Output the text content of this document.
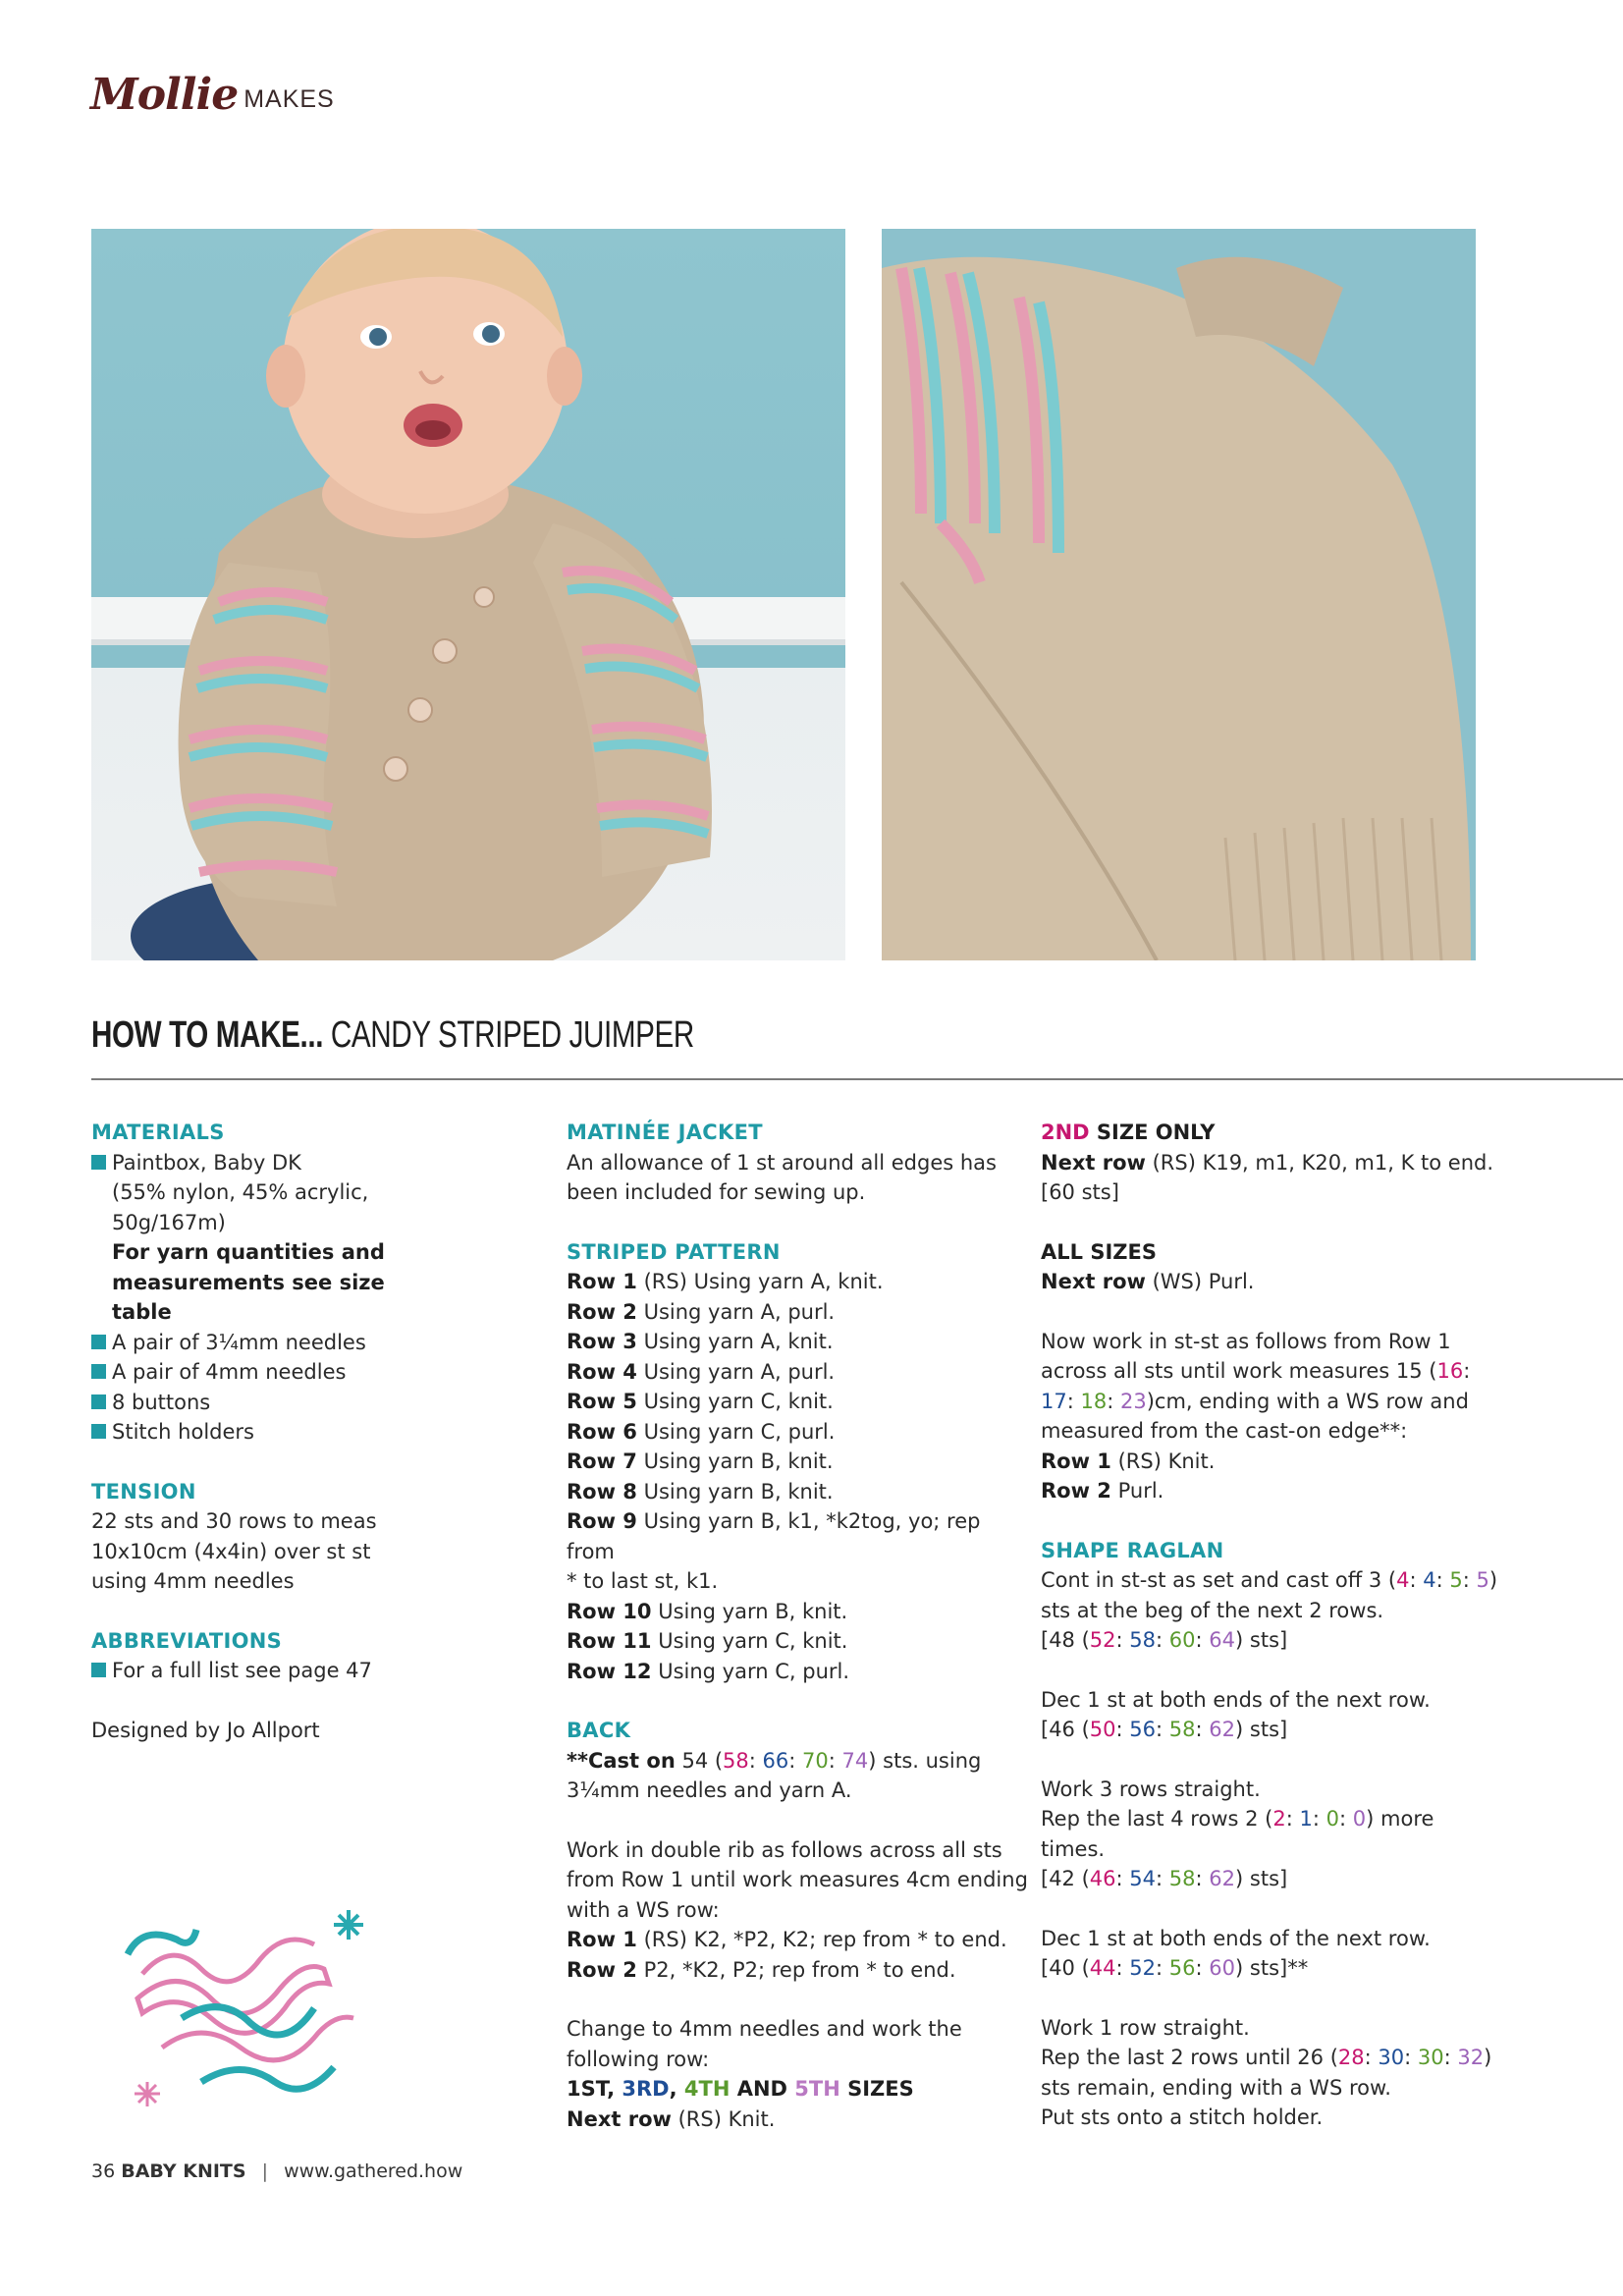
Mollie MAKES
HOW TO MAKE... CANDY STRIPED JUIMPER
MATERIALS
Paintbox, Baby DK
(55% nylon, 45% acrylic,
50g/167m)
For yarn quantities and
measurements see size
table
A pair of 3¼mm needles
A pair of 4mm needles
8 buttons
Stitch holders
TENSION
22 sts and 30 rows to meas
10x10cm (4x4in) over st st
using 4mm needles
ABBREVIATIONS
For a full list see page 47
Designed by Jo Allport
MATINÉE JACKET
An allowance of 1 st around all edges has
been included for sewing up.
STRIPED PATTERN
Row 1 (RS) Using yarn A, knit.
Row 2 Using yarn A, purl.
Row 3 Using yarn A, knit.
Row 4 Using yarn A, purl.
Row 5 Using yarn C, knit.
Row 6 Using yarn C, purl.
Row 7 Using yarn B, knit.
Row 8 Using yarn B, knit.
Row 9 Using yarn B, k1, *k2tog, yo; rep from
* to last st, k1.
Row 10 Using yarn B, knit.
Row 11 Using yarn C, knit.
Row 12 Using yarn C, purl.
BACK
**Cast on 54 (58: 66: 70: 74) sts. using
3¼mm needles and yarn A.
Work in double rib as follows across all sts
from Row 1 until work measures 4cm ending
with a WS row:
Row 1 (RS) K2, *P2, K2; rep from * to end.
Row 2 P2, *K2, P2; rep from * to end.
Change to 4mm needles and work the
following row:
1ST, 3RD, 4TH AND 5TH SIZES
Next row (RS) Knit.
2ND SIZE ONLY
Next row (RS) K19, m1, K20, m1, K to end.
[60 sts]
ALL SIZES
Next row (WS) Purl.
Now work in st-st as follows from Row 1
across all sts until work measures 15 (16:
17: 18: 23)cm, ending with a WS row and
measured from the cast-on edge**:
Row 1 (RS) Knit.
Row 2 Purl.
SHAPE RAGLAN
Cont in st-st as set and cast off 3 (4: 4: 5: 5)
sts at the beg of the next 2 rows.
[48 (52: 58: 60: 64) sts]
Dec 1 st at both ends of the next row.
[46 (50: 56: 58: 62) sts]
Work 3 rows straight.
Rep the last 4 rows 2 (2: 1: 0: 0) more times.
[42 (46: 54: 58: 62) sts]
Dec 1 st at both ends of the next row.
[40 (44: 52: 56: 60) sts]**
Work 1 row straight.
Rep the last 2 rows until 26 (28: 30: 30: 32)
sts remain, ending with a WS row.
Put sts onto a stitch holder.
36 BABY KNITS | www.gathered.how
